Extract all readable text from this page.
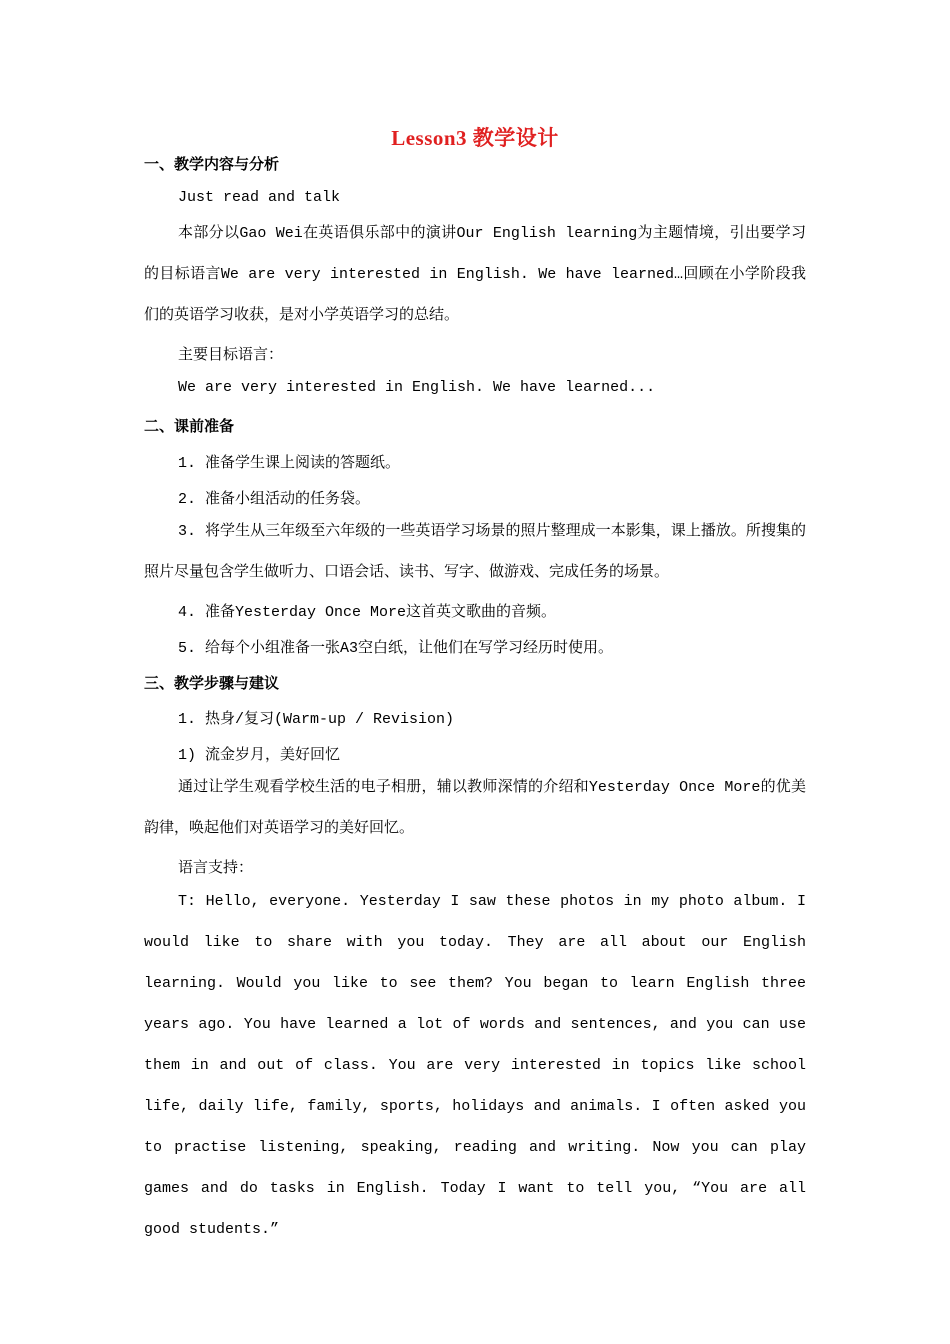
Lesson3 教学设计
一、教学内容与分析
Just read and talk
本部分以Gao Wei在英语俱乐部中的演讲Our English learning为主题情境，引出要学习的目标语言We are very interested in English. We have learned…回顾在小学阶段我们的英语学习收获，是对小学英语学习的总结。
主要目标语言：
We are very interested in English. We have learned...
二、课前准备
1. 准备学生课上阅读的答题纸。
2. 准备小组活动的任务袋。
3. 将学生从三年级至六年级的一些英语学习场景的照片整理成一本影集，课上播放。所搜集的照片尽量包含学生做听力、口语会话、读书、写字、做游戏、完成任务的场景。
4. 准备Yesterday Once More这首英文歌曲的音频。
5. 给每个小组准备一张A3空白纸，让他们在写学习经历时使用。
三、教学步骤与建议
1. 热身/复习(Warm-up / Revision)
1) 流金岁月，美好回忆
通过让学生观看学校生活的电子相册，辅以教师深情的介绍和Yesterday Once More的优美韵律，唤起他们对英语学习的美好回忆。
语言支持：
T: Hello, everyone. Yesterday I saw these photos in my photo album. I would like to share with you today. They are all about our English learning. Would you like to see them? You began to learn English three years ago. You have learned a lot of words and sentences, and you can use them in and out of class. You are very interested in topics like school life, daily life, family, sports, holidays and animals. I often asked you to practise listening, speaking, reading and writing. Now you can play games and do tasks in English. Today I want to tell you, “You are all good students.”
